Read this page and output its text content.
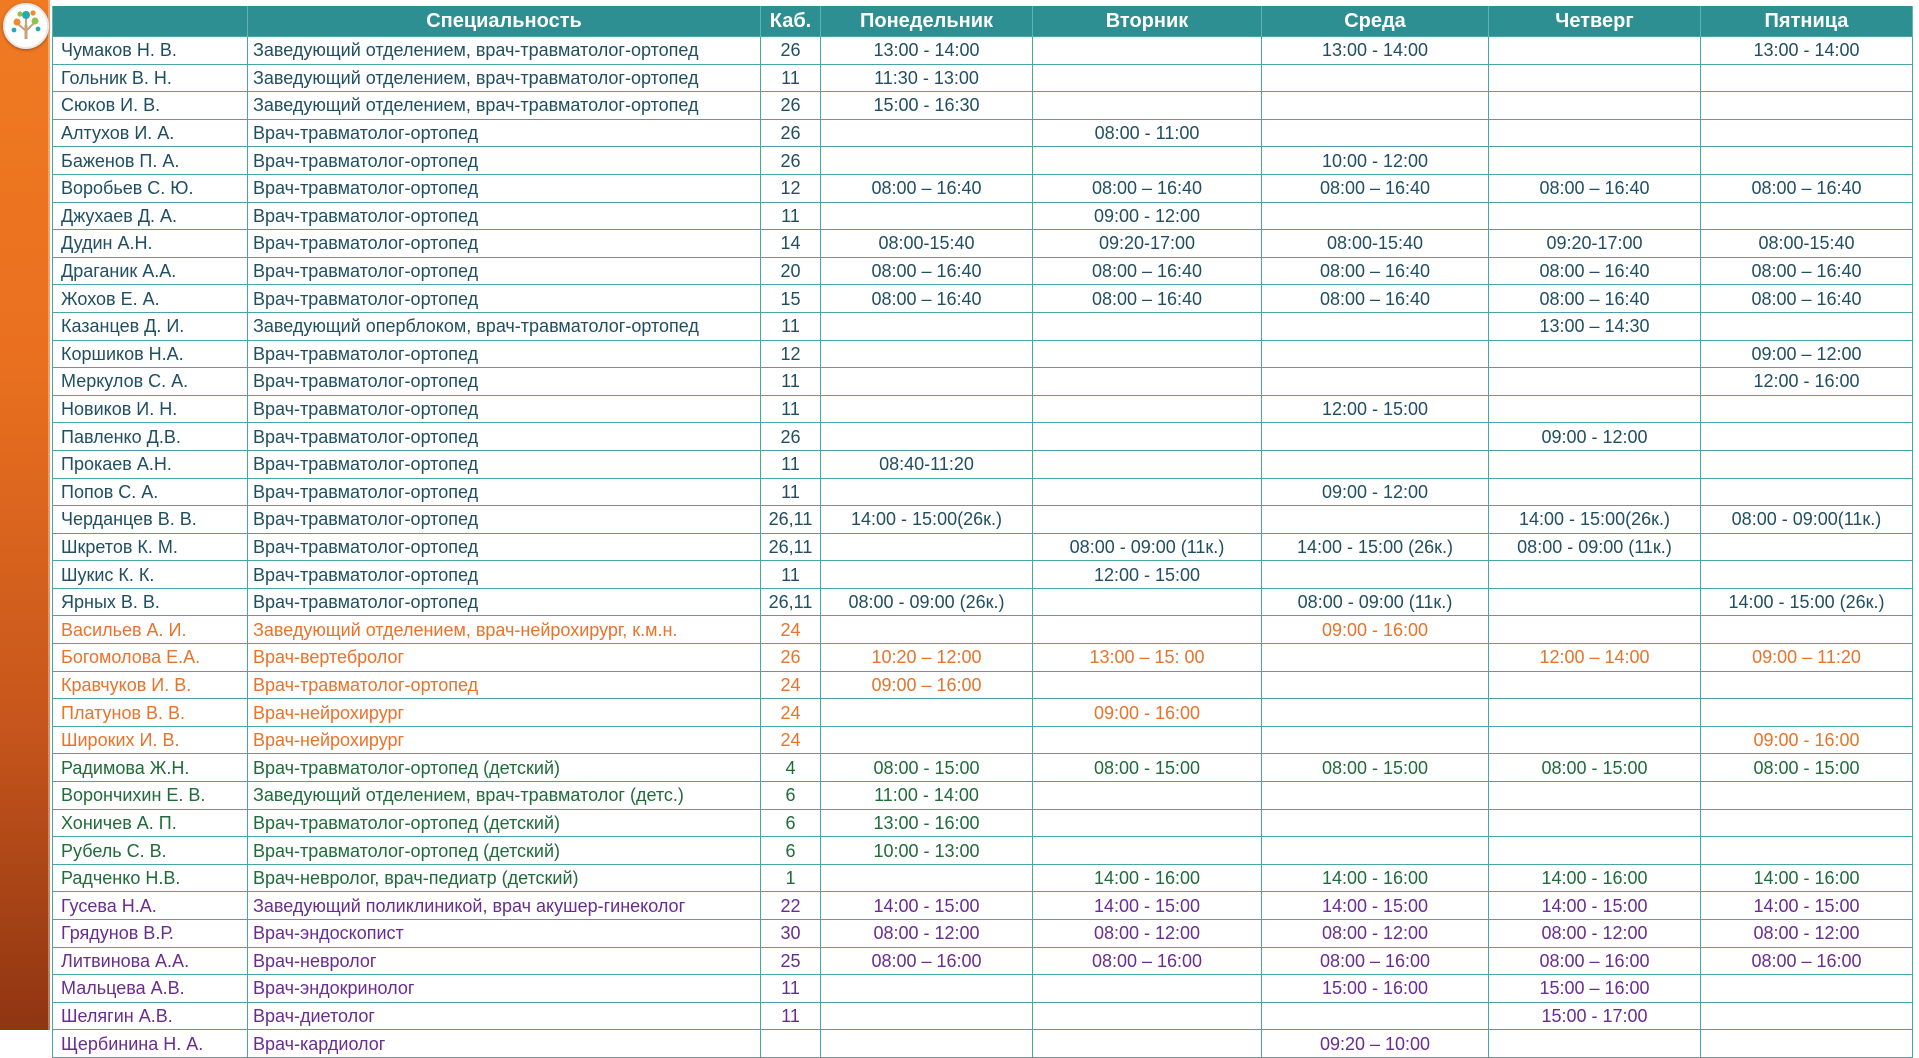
	Специальность	Каб.	Понедельник	Вторник	Среда	Четверг	Пятница
Чумаков Н. В.	Заведующий отделением, врач-травматолог-ортопед	26	13:00 - 14:00		13:00 - 14:00		13:00 - 14:00
Гольник В. Н.	Заведующий отделением, врач-травматолог-ортопед	11	11:30 - 13:00				
Сюков И. В.	Заведующий отделением, врач-травматолог-ортопед	26	15:00 - 16:30				
Алтухов И. А.	Врач-травматолог-ортопед	26		08:00 - 11:00			
Баженов П. А.	Врач-травматолог-ортопед	26			10:00 - 12:00		
Воробьев С. Ю.	Врач-травматолог-ортопед	12	08:00 – 16:40	08:00 – 16:40	08:00 – 16:40	08:00 – 16:40	08:00 – 16:40
Джухаев Д. А.	Врач-травматолог-ортопед	11		09:00 - 12:00			
Дудин А.Н.	Врач-травматолог-ортопед	14	08:00-15:40	09:20-17:00	08:00-15:40	09:20-17:00	08:00-15:40
Драганик А.А.	Врач-травматолог-ортопед	20	08:00 – 16:40	08:00 – 16:40	08:00 – 16:40	08:00 – 16:40	08:00 – 16:40
Жохов Е. А.	Врач-травматолог-ортопед	15	08:00 – 16:40	08:00 – 16:40	08:00 – 16:40	08:00 – 16:40	08:00 – 16:40
Казанцев Д. И.	Заведующий оперблоком, врач-травматолог-ортопед	11				13:00 – 14:30	
Коршиков Н.А.	Врач-травматолог-ортопед	12					09:00 – 12:00
Меркулов С. А.	Врач-травматолог-ортопед	11					12:00 - 16:00
Новиков И. Н.	Врач-травматолог-ортопед	11			12:00 - 15:00		
Павленко Д.В.	Врач-травматолог-ортопед	26				09:00 - 12:00	
Прокаев А.Н.	Врач-травматолог-ортопед	11	08:40-11:20				
Попов С. А.	Врач-травматолог-ортопед	11			09:00 - 12:00		
Черданцев В. В.	Врач-травматолог-ортопед	26,11	14:00 - 15:00(26к.)			14:00 - 15:00(26к.)	08:00 - 09:00(11к.)
Шкретов К. М.	Врач-травматолог-ортопед	26,11		08:00 - 09:00 (11к.)	14:00 - 15:00 (26к.)	08:00 - 09:00 (11к.)	
Шукис К. К.	Врач-травматолог-ортопед	11		12:00 - 15:00			
Ярных В. В.	Врач-травматолог-ортопед	26,11	08:00 - 09:00 (26к.)		08:00 - 09:00 (11к.)		14:00 - 15:00 (26к.)
Васильев А. И.	Заведующий отделением, врач-нейрохирург, к.м.н.	24			09:00 - 16:00		
Богомолова Е.А.	Врач-вертебролог	26	10:20 – 12:00	13:00 – 15: 00		12:00 – 14:00	09:00 – 11:20
Кравчуков И. В.	Врач-травматолог-ортопед	24	09:00 – 16:00				
Платунов В. В.	Врач-нейрохирург	24		09:00 - 16:00			
Широких И. В.	Врач-нейрохирург	24					09:00 - 16:00
Радимова Ж.Н.	Врач-травматолог-ортопед (детский)	4	08:00 - 15:00	08:00 - 15:00	08:00 - 15:00	08:00 - 15:00	08:00 - 15:00
Ворончихин Е. В.	Заведующий отделением, врач-травматолог (детс.)	6	11:00 - 14:00				
Хоничев А. П.	Врач-травматолог-ортопед (детский)	6	13:00 - 16:00				
Рубель С. В.	Врач-травматолог-ортопед (детский)	6	10:00 - 13:00				
Радченко Н.В.	Врач-невролог, врач-педиатр (детский)	1		14:00 - 16:00	14:00 - 16:00	14:00 - 16:00	14:00 - 16:00
Гусева Н.А.	Заведующий поликлиникой, врач акушер-гинеколог	22	14:00 - 15:00	14:00 - 15:00	14:00 - 15:00	14:00 - 15:00	14:00 - 15:00
Грядунов В.Р.	Врач-эндоскопист	30	08:00 - 12:00	08:00 - 12:00	08:00 - 12:00	08:00 - 12:00	08:00 - 12:00
Литвинова А.А.	Врач-невролог	25	08:00 – 16:00	08:00 – 16:00	08:00 – 16:00	08:00 – 16:00	08:00 – 16:00
Мальцева А.В.	Врач-эндокринолог	11			15:00 - 16:00	15:00 – 16:00	
Шелягин А.В.	Врач-диетолог	11				15:00 - 17:00	
Щербинина Н. А.	Врач-кардиолог				09:20 – 10:00		
